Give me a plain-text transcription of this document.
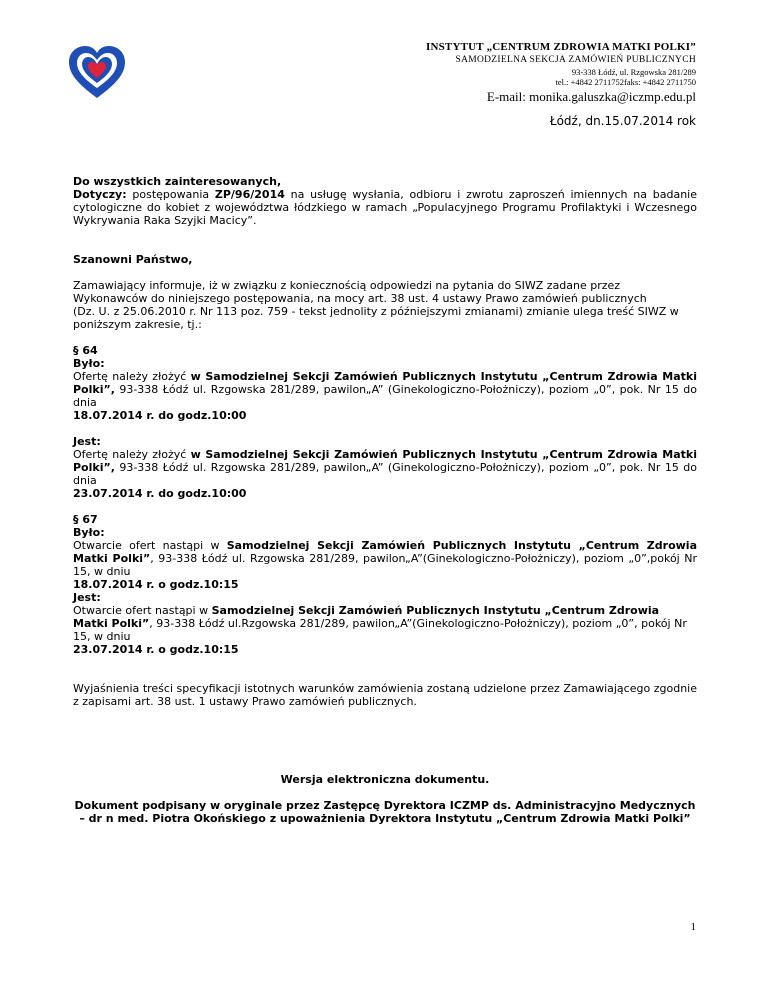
INSTYTUT „CENTRUM ZDROWIA MATKI POLKI”
SAMODZIELNA SEKCJA ZAMÓWIEŃ PUBLICZNYCH
93-338 Łódź, ul. Rzgowska 281/289
tel.: +4842 2711752faks: +4842 2711750
E-mail: monika.galuszka@iczmp.edu.pl
Łódź, dn.15.07.2014 rok

Do wszystkich zainteresowanych,

Dotyczy: postępowania ZP/96/2014 na usługę wysłania, odbioru i zwrotu zaproszeń imiennych na badanie cytologiczne do kobiet z województwa łódzkiego w ramach „Populacyjnego Programu Profilaktyki i Wczesnego Wykrywania Raka Szyjki Macicy”.

Szanowni Państwo,

Zamawiający informuje, iż w związku z koniecznością odpowiedzi na pytania do SIWZ zadane przez

Wykonawców do niniejszego postępowania, na mocy art. 38 ust. 4 ustawy Prawo zamówień publicznych

(Dz. U. z 25.06.2010 r. Nr 113 poz. 759 - tekst jednolity z późniejszymi zmianami) zmianie ulega treść SIWZ w

poniższym zakresie, tj.:

§ 64

Było:

Ofertę należy złożyć w Samodzielnej Sekcji Zamówień Publicznych Instytutu „Centrum Zdrowia Matki Polki”, 93-338 Łódź ul. Rzgowska 281/289, pawilon„A” (Ginekologiczno-Położniczy), poziom „0”, pok. Nr 15 do dnia

18.07.2014 r. do godz.10:00

Jest:

Ofertę należy złożyć w Samodzielnej Sekcji Zamówień Publicznych Instytutu „Centrum Zdrowia Matki Polki”, 93-338 Łódź ul. Rzgowska 281/289, pawilon„A” (Ginekologiczno-Położniczy), poziom „0”, pok. Nr 15 do dnia

23.07.2014 r. do godz.10:00

§ 67

Było:

Otwarcie ofert nastąpi w Samodzielnej Sekcji Zamówień Publicznych Instytutu „Centrum Zdrowia Matki Polki”, 93-338 Łódź ul. Rzgowska 281/289, pawilon„A”(Ginekologiczno-Położniczy), poziom „0”,pokój Nr 15, w dniu

18.07.2014 r. o godz.10:15

Jest:

Otwarcie ofert nastąpi w Samodzielnej Sekcji Zamówień Publicznych Instytutu „Centrum Zdrowia Matki Polki”, 93-338 Łódź ul.Rzgowska 281/289, pawilon„A”(Ginekologiczno-Położniczy), poziom „0”, pokój Nr 15, w dniu

23.07.2014 r. o godz.10:15

Wyjaśnienia treści specyfikacji istotnych warunków zamówienia zostaną udzielone przez Zamawiającego zgodnie z zapisami art. 38 ust. 1 ustawy Prawo zamówień publicznych.

Wersja elektroniczna dokumentu.

Dokument podpisany w oryginale przez Zastępcę Dyrektora ICZMP ds. Administracyjno Medycznych

– dr n med. Piotra Okońskiego z upoważnienia Dyrektora Instytutu „Centrum Zdrowia Matki Polki”

1
